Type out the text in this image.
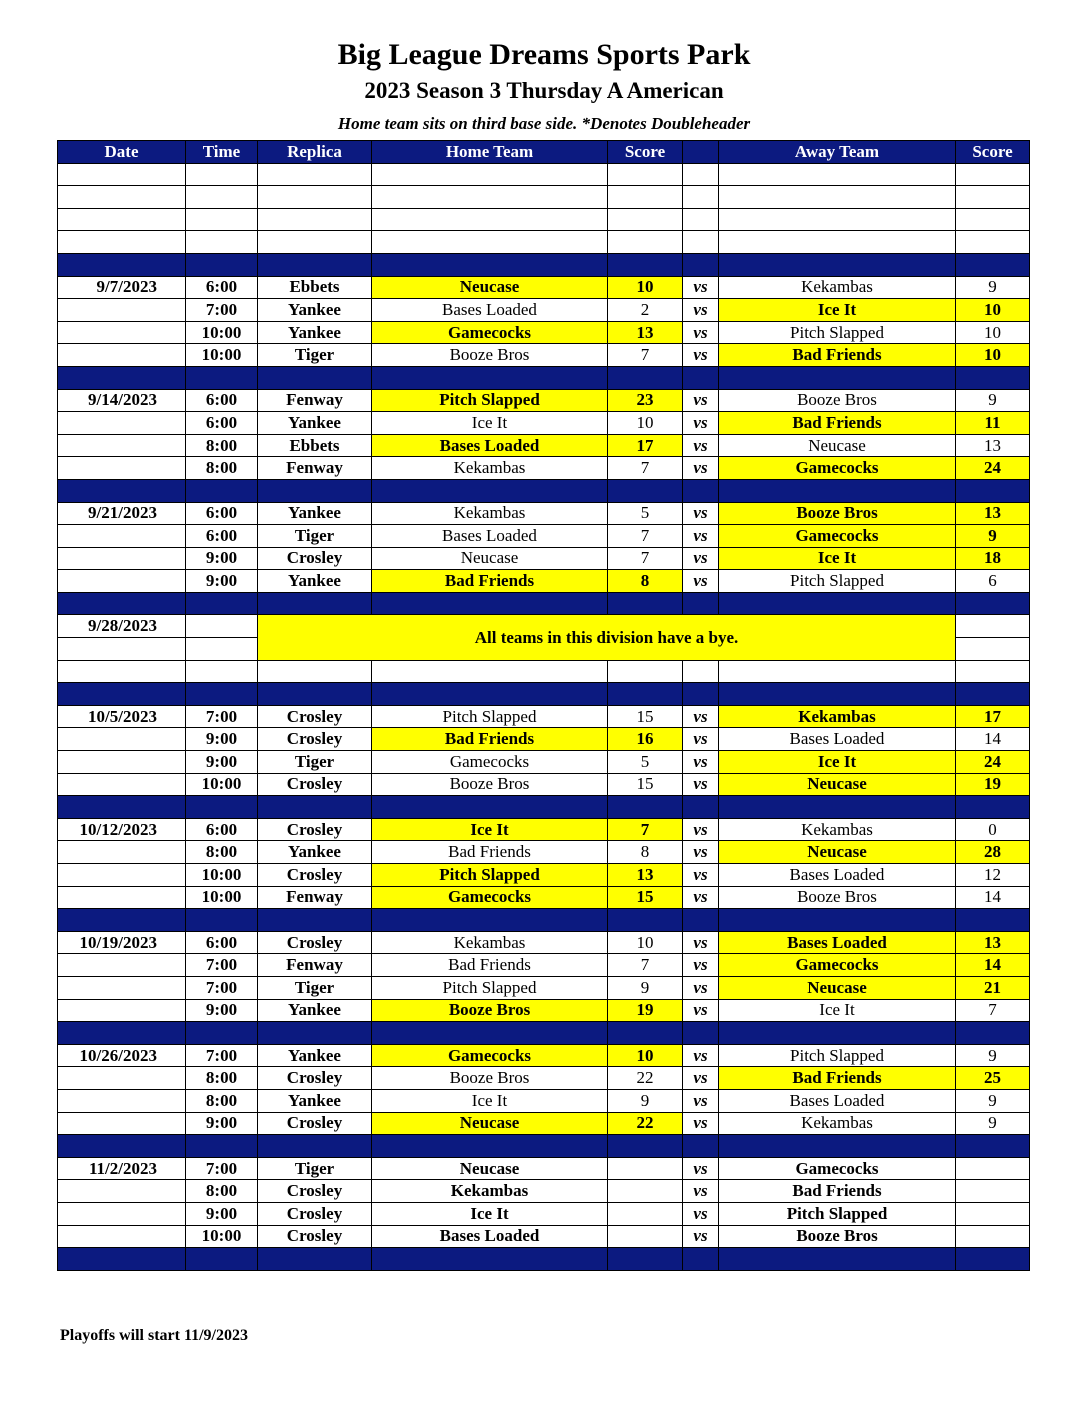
Big League Dreams Sports Park
2023 Season 3 Thursday A American
Home team sits on third base side. *Denotes Doubleheader
Date	Time	Replica	Home Team	Score		Away Team	Score

9/7/2023	6:00	Ebbets	Neucase	10	vs	Kekambas	9
	7:00	Yankee	Bases Loaded	2	vs	Ice It	10
	10:00	Yankee	Gamecocks	13	vs	Pitch Slapped	10
	10:00	Tiger	Booze Bros	7	vs	Bad Friends	10

9/14/2023	6:00	Fenway	Pitch Slapped	23	vs	Booze Bros	9
	6:00	Yankee	Ice It	10	vs	Bad Friends	11
	8:00	Ebbets	Bases Loaded	17	vs	Neucase	13
	8:00	Fenway	Kekambas	7	vs	Gamecocks	24

9/21/2023	6:00	Yankee	Kekambas	5	vs	Booze Bros	13
	6:00	Tiger	Bases Loaded	7	vs	Gamecocks	9
	9:00	Crosley	Neucase	7	vs	Ice It	18
	9:00	Yankee	Bad Friends	8	vs	Pitch Slapped	6

9/28/2023		All teams in this division have a bye.					

10/5/2023	7:00	Crosley	Pitch Slapped	15	vs	Kekambas	17
	9:00	Crosley	Bad Friends	16	vs	Bases Loaded	14
	9:00	Tiger	Gamecocks	5	vs	Ice It	24
	10:00	Crosley	Booze Bros	15	vs	Neucase	19

10/12/2023	6:00	Crosley	Ice It	7	vs	Kekambas	0
	8:00	Yankee	Bad Friends	8	vs	Neucase	28
	10:00	Crosley	Pitch Slapped	13	vs	Bases Loaded	12
	10:00	Fenway	Gamecocks	15	vs	Booze Bros	14

10/19/2023	6:00	Crosley	Kekambas	10	vs	Bases Loaded	13
	7:00	Fenway	Bad Friends	7	vs	Gamecocks	14
	7:00	Tiger	Pitch Slapped	9	vs	Neucase	21
	9:00	Yankee	Booze Bros	19	vs	Ice It	7

10/26/2023	7:00	Yankee	Gamecocks	10	vs	Pitch Slapped	9
	8:00	Crosley	Booze Bros	22	vs	Bad Friends	25
	8:00	Yankee	Ice It	9	vs	Bases Loaded	9
	9:00	Crosley	Neucase	22	vs	Kekambas	9

11/2/2023	7:00	Tiger	Neucase		vs	Gamecocks	
	8:00	Crosley	Kekambas		vs	Bad Friends	
	9:00	Crosley	Ice It		vs	Pitch Slapped	
	10:00	Crosley	Bases Loaded		vs	Booze Bros	

Playoffs will start 11/9/2023
